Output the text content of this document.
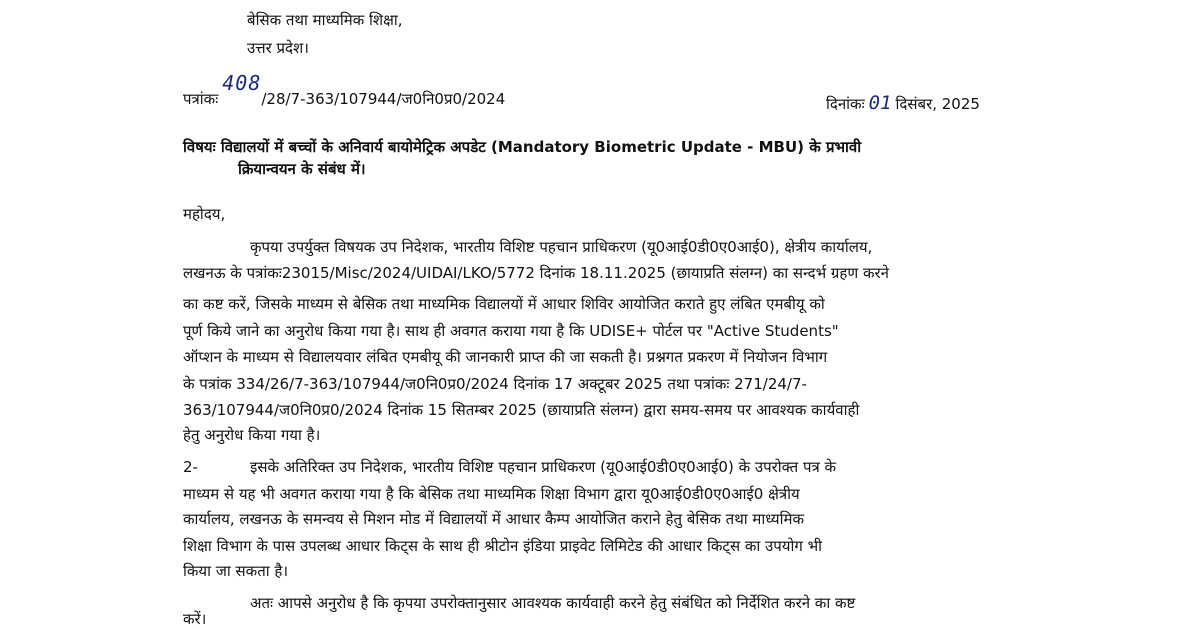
बेसिक तथा माध्यमिक शिक्षा,
उत्तर प्रदेश।
पत्रांकः408/28/7-363/107944/ज0नि0प्र0/2024	दिनांकः 01 दिसंबर, 2025
विषयः विद्यालयों में बच्चों के अनिवार्य बायोमेट्रिक अपडेट (Mandatory Biometric Update - MBU) के प्रभावी
क्रियान्वयन के संबंध में।
महोदय,
कृपया उपर्युक्त विषयक उप निदेशक, भारतीय विशिष्ट पहचान प्राधिकरण (यू0आई0डी0ए0आई0), क्षेत्रीय कार्यालय,
लखनऊ के पत्रांकः23015/Misc/2024/UIDAI/LKO/5772 दिनांक 18.11.2025 (छायाप्रति संलग्न) का सन्दर्भ ग्रहण करने
का कष्ट करें, जिसके माध्यम से बेसिक तथा माध्यमिक विद्यालयों में आधार शिविर आयोजित कराते हुए लंबित एमबीयू को
पूर्ण किये जाने का अनुरोध किया गया है। साथ ही अवगत कराया गया है कि UDISE+ पोर्टल पर "Active Students"
ऑप्शन के माध्यम से विद्यालयवार लंबित एमबीयू की जानकारी प्राप्त की जा सकती है। प्रश्नगत प्रकरण में नियोजन विभाग
के पत्रांक 334/26/7-363/107944/ज0नि0प्र0/2024 दिनांक 17 अक्टूबर 2025 तथा पत्रांकः 271/24/7-
363/107944/ज0नि0प्र0/2024 दिनांक 15 सितम्बर 2025 (छायाप्रति संलग्न) द्वारा समय-समय पर आवश्यक कार्यवाही
हेतु अनुरोध किया गया है।
2-	इसके अतिरिक्त उप निदेशक, भारतीय विशिष्ट पहचान प्राधिकरण (यू0आई0डी0ए0आई0) के उपरोक्त पत्र के
माध्यम से यह भी अवगत कराया गया है कि बेसिक तथा माध्यमिक शिक्षा विभाग द्वारा यू0आई0डी0ए0आई0 क्षेत्रीय
कार्यालय, लखनऊ के समन्वय से मिशन मोड में विद्यालयों में आधार कैम्प आयोजित कराने हेतु बेसिक तथा माध्यमिक
शिक्षा विभाग के पास उपलब्ध आधार किट्स के साथ ही श्रीटोन इंडिया प्राइवेट लिमिटेड की आधार किट्स का उपयोग भी
किया जा सकता है।
अतः आपसे अनुरोध है कि कृपया उपरोक्तानुसार आवश्यक कार्यवाही करने हेतु संबंधित को निर्देशित करने का कष्ट
करें।
